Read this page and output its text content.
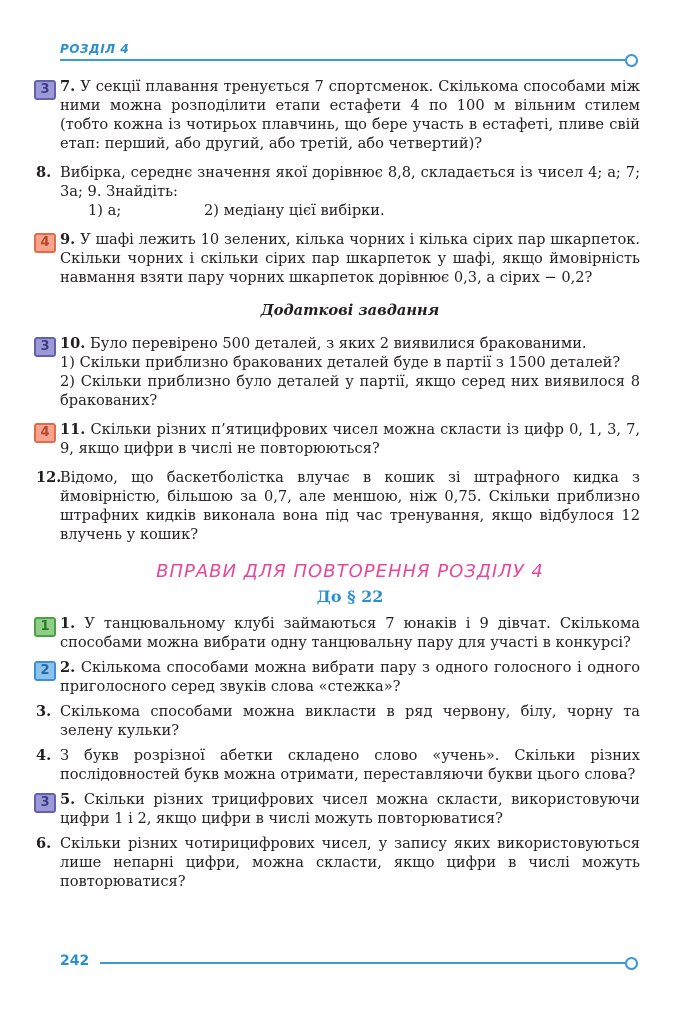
РОЗДІЛ 4
3 7. У секції плавання тренується 7 спортсменок. Скількома способами між ними можна розподілити етапи естафети 4 по 100 м вільним стилем (тобто кожна із чотирьох плавчинь, що бере участь в естафеті, пливе свій етап: перший, або другий, або третій, або четвертий)?

8. Вибірка, середнє значення якої дорівнює 8,8, складається із чисел 4; a; 7; 3a; 9. Знайдіть:

1) a;	2) медіану цієї вибірки.

4 9. У шафі лежить 10 зелених, кілька чорних і кілька сірих пар шкарпеток. Скільки чорних і скільки сірих пар шкарпеток у шафі, якщо ймовірність навмання взяти пару чорних шкарпеток дорівнює 0,3, а сірих − 0,2?

Додаткові завдання
3 10. Було перевірено 500 деталей, з яких 2 виявилися бракованими.

1) Скільки приблизно бракованих деталей буде в партії з 1500 деталей?

2) Скільки приблизно було деталей у партії, якщо серед них виявилося 8 бракованих?

4 11. Скільки різних п’ятицифрових чисел можна скласти із цифр 0, 1, 3, 7, 9, якщо цифри в числі не повторюються?

12.

Відомо, що баскетболістка влучає в кошик зі штрафного кидка з ймовірністю, більшою за 0,7, але меншою, ніж 0,75. Скільки приблизно штрафних кидків виконала вона під час тренування, якщо відбулося 12 влучень у кошик?

ВПРАВИ ДЛЯ ПОВТОРЕННЯ РОЗДІЛУ 4
До § 22
1 1. У танцювальному клубі займаються 7 юнаків і 9 дівчат. Скількома способами можна вибрати одну танцювальну пару для участі в конкурсі?

2 2. Скількома способами можна вибрати пару з одного голосного і одного приголосного серед звуків слова «стежка»?

3. Скількома способами можна викласти в ряд червону, білу, чорну та зелену кульки?

4. З букв розрізної абетки складено слово «учень». Скільки різних послідовностей букв можна отримати, переставляючи букви цього слова?

3 5. Скільки різних трицифрових чисел можна скласти, використовуючи цифри 1 і 2, якщо цифри в числі можуть повторюватися?

6. Скільки різних чотирицифрових чисел, у запису яких використовуються лише непарні цифри, можна скласти, якщо цифри в числі можуть повторюватися?

242
